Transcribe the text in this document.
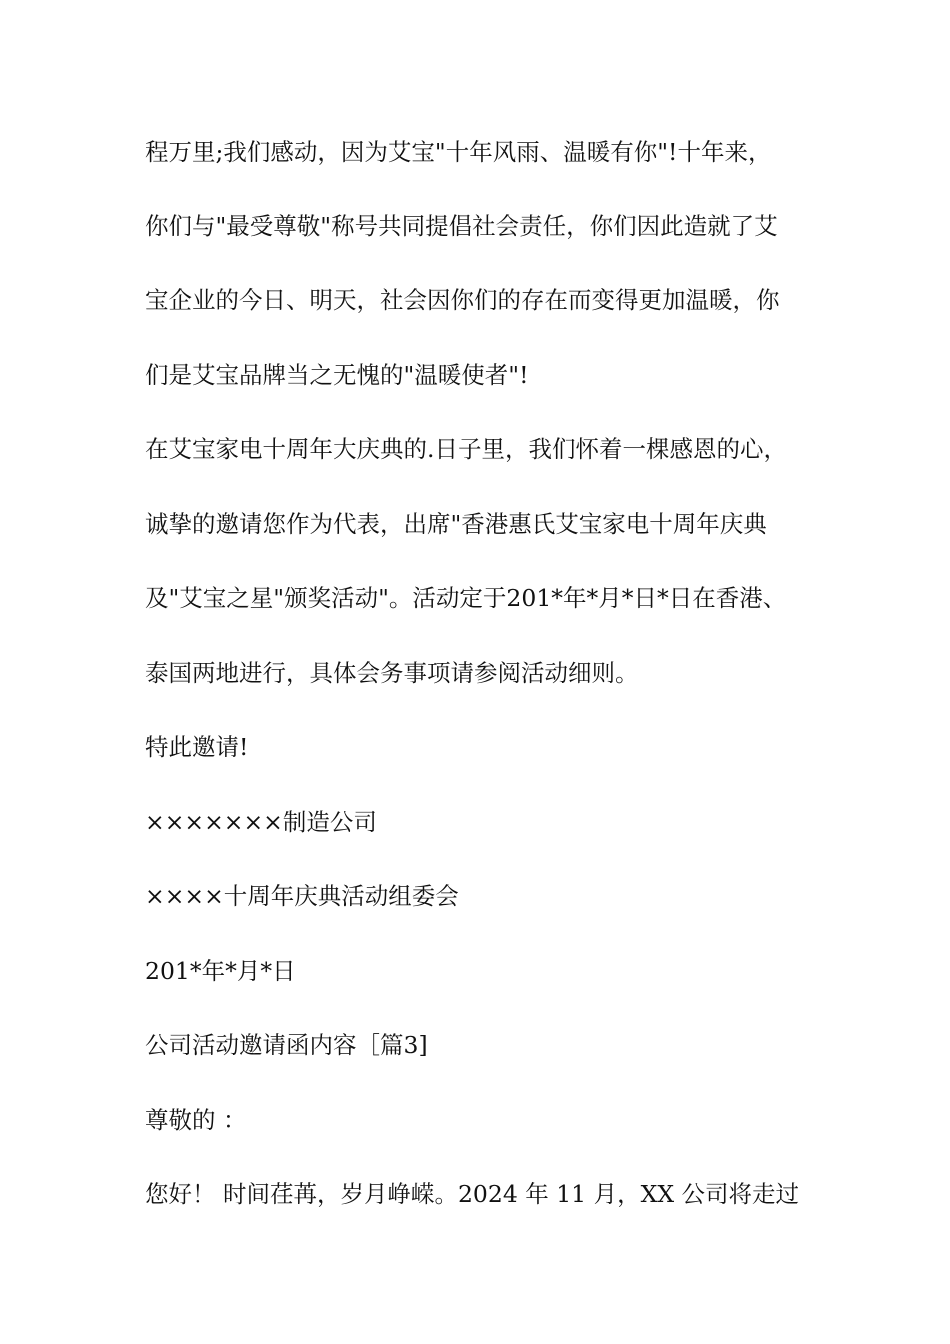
程万里;我们感动，因为艾宝"十年风雨、温暖有你"!十年来，
你们与"最受尊敬"称号共同提倡社会责任，你们因此造就了艾
宝企业的今日、明天，社会因你们的存在而变得更加温暖，你
们是艾宝品牌当之无愧的"温暖使者"!
在艾宝家电十周年大庆典的.日子里，我们怀着一棵感恩的心，
诚挚的邀请您作为代表，出席"香港惠氏艾宝家电十周年庆典
及"艾宝之星"颁奖活动"。活动定于201*年*月*日*日在香港、
泰国两地进行，具体会务事项请参阅活动细则。
特此邀请!
×××××××制造公司
××××十周年庆典活动组委会
201*年*月*日
公司活动邀请函内容［篇3]
尊敬的 ：
您好！ 时间荏苒，岁月峥嵘。2024 年 11 月，XX 公司将走过
